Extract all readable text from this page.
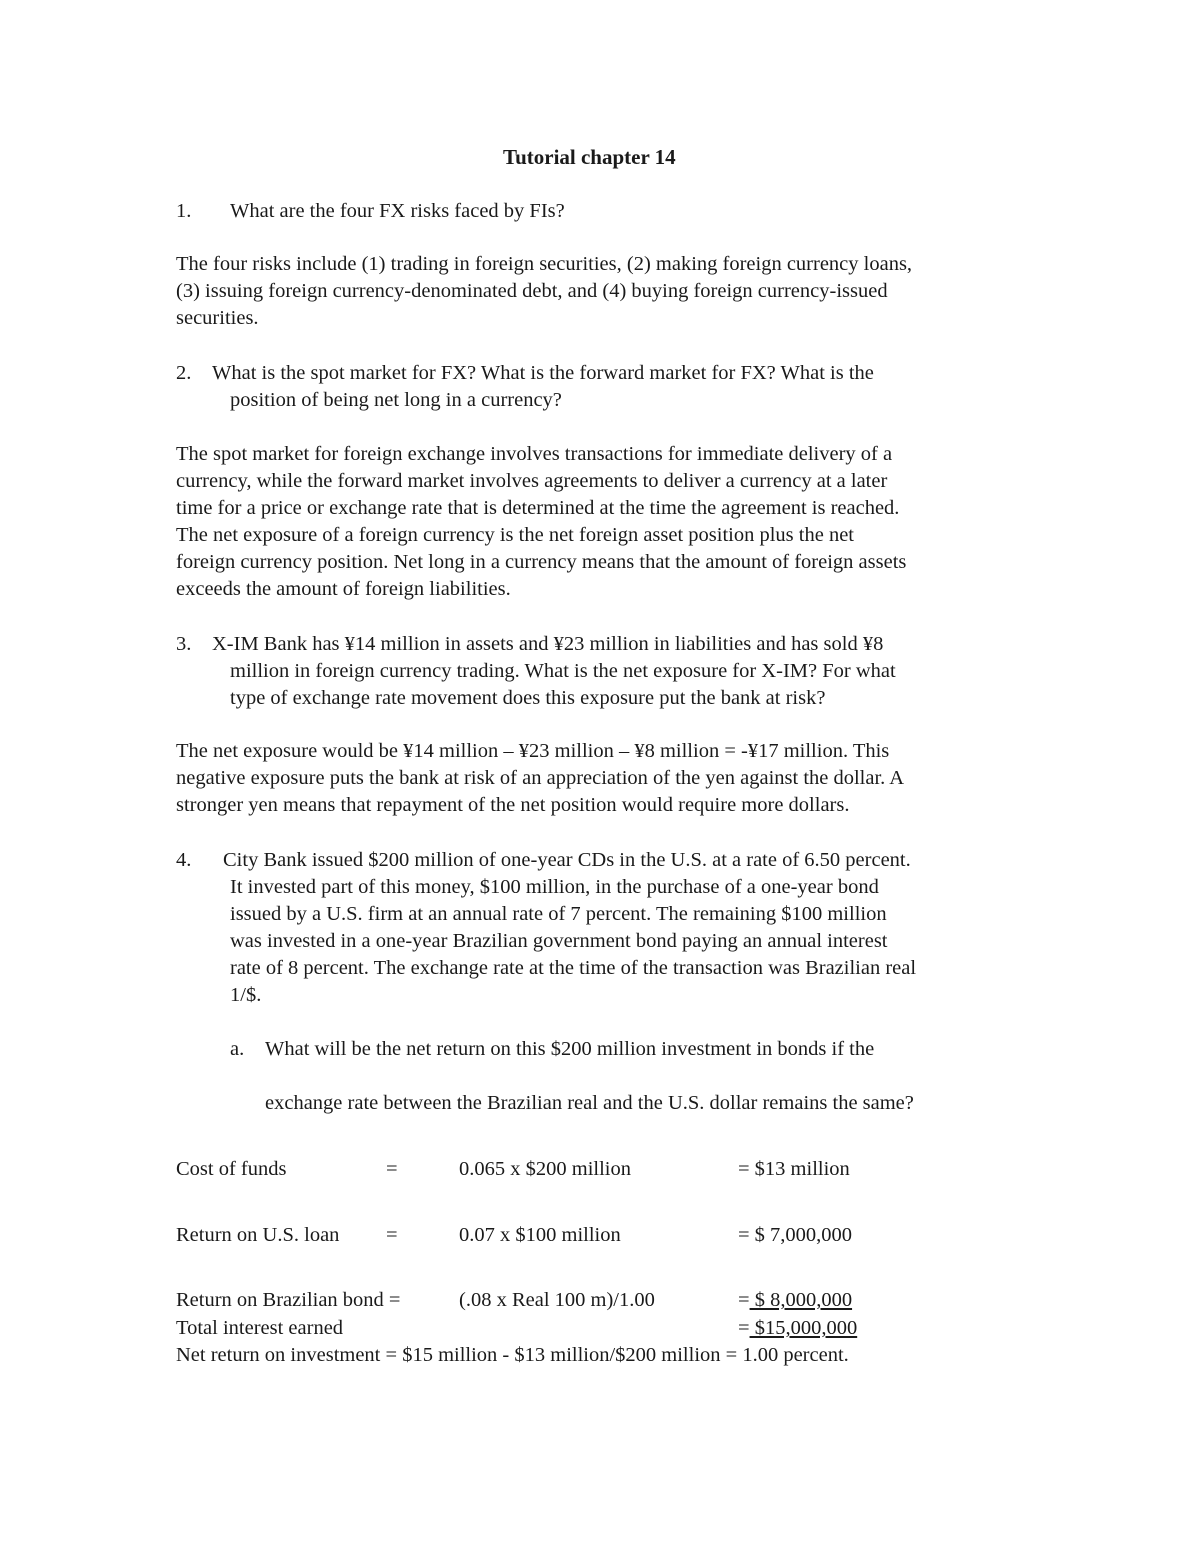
Tutorial chapter 14
1. What are the four FX risks faced by FIs?
The four risks include (1) trading in foreign securities, (2) making foreign currency loans,
(3) issuing foreign currency-denominated debt, and (4) buying foreign currency-issued
securities.
2. What is the spot market for FX? What is the forward market for FX? What is the
position of being net long in a currency?
The spot market for foreign exchange involves transactions for immediate delivery of a
currency, while the forward market involves agreements to deliver a currency at a later
time for a price or exchange rate that is determined at the time the agreement is reached.
The net exposure of a foreign currency is the net foreign asset position plus the net
foreign currency position. Net long in a currency means that the amount of foreign assets
exceeds the amount of foreign liabilities.
3. X-IM Bank has ¥14 million in assets and ¥23 million in liabilities and has sold ¥8
million in foreign currency trading. What is the net exposure for X-IM? For what
type of exchange rate movement does this exposure put the bank at risk?
The net exposure would be ¥14 million – ¥23 million – ¥8 million = -¥17 million. This
negative exposure puts the bank at risk of an appreciation of the yen against the dollar. A
stronger yen means that repayment of the net position would require more dollars.
4. City Bank issued $200 million of one-year CDs in the U.S. at a rate of 6.50 percent.
It invested part of this money, $100 million, in the purchase of a one-year bond
issued by a U.S. firm at an annual rate of 7 percent. The remaining $100 million
was invested in a one-year Brazilian government bond paying an annual interest
rate of 8 percent. The exchange rate at the time of the transaction was Brazilian real
1/$.
a. What will be the net return on this $200 million investment in bonds if the
exchange rate between the Brazilian real and the U.S. dollar remains the same?
Cost of funds	=	0.065 x $200 million	= $13 million
Return on U.S. loan =	0.07 x $100 million	= $ 7,000,000
Return on Brazilian bond =	(.08 x Real 100 m)/1.00	= $ 8,000,000
Total interest earned	= $15,000,000
Net return on investment = $15 million - $13 million/$200 million = 1.00 percent.
